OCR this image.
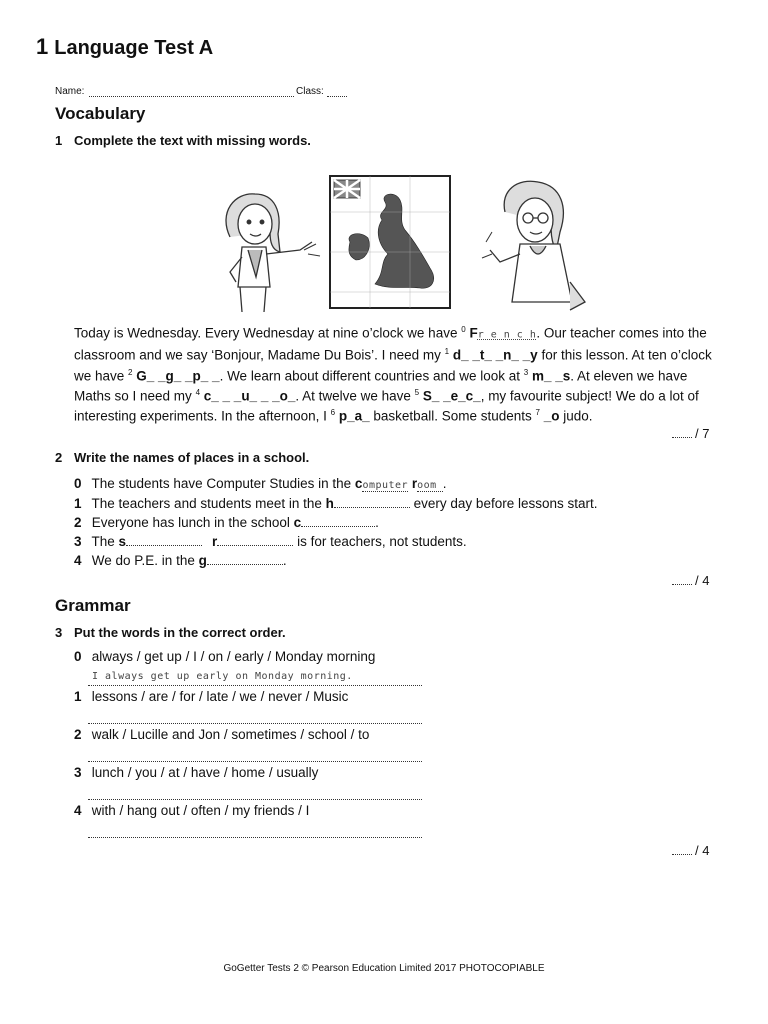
1 Language Test A
Name:	Class:
Vocabulary
1 Complete the text with missing words.
Today is Wednesday. Every Wednesday at nine o’clock we have $^0$ Fr e n c h. Our teacher comes into the classroom and we say ‘Bonjour, Madame Du Bois’. I need my $^1$ d_ _t_ _n_ _y for this lesson. At ten o’clock we have $^2$ G_ _g_ _p_ _. We learn about different countries and we look at $^3$ m_ _s. At eleven we have Maths so I need my $^4$ c_ _ _u_ _ _o_. At twelve we have $^5$ S_ _e_c_, my favourite subject! We do a lot of interesting experiments. In the afternoon, I $^6$ p_a_ basketball. Some students $^7$ _o judo.
/ 7
2 Write the names of places in a school.
0 The students have Computer Studies in the computer room .
1 The teachers and students meet in the h	every day before lessons start.
2 Everyone has lunch in the school c	.
3 The s	r	is for teachers, not students.
4 We do P.E. in the g	.
/ 4
Grammar
3 Put the words in the correct order.
0 always / get up / I / on / early / Monday morning
I always get up early on Monday morning.
1 lessons / are / for / late / we / never / Music
2 walk / Lucille and Jon / sometimes / school / to
3 lunch / you / at / have / home / usually
4 with / hang out / often / my friends / I
/ 4
GoGetter Tests 2 © Pearson Education Limited 2017 PHOTOCOPIABLE
